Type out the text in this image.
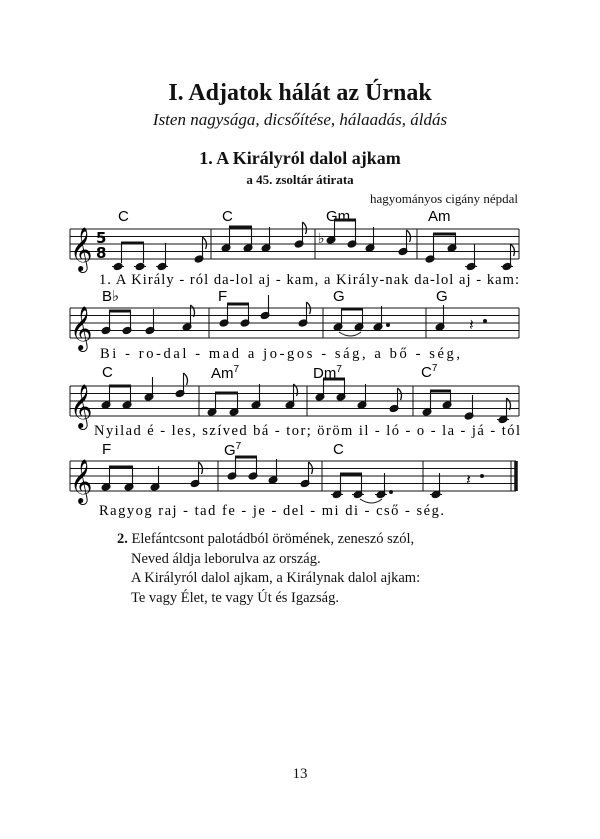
I. Adjatok hálát az Úrnak
Isten nagysága, dicsőítése, hálaadás, áldás
1. A Királyról dalol ajkam
a 45. zsoltár átirata
hagyományos cigány népdal
C	C	Gm	Am
𝄞 5
8
♭
1. A Király - ról da-lol aj - kam, a Király-nak da-lol aj - kam:
B♭	F	G	G
𝄞	𝄽
Bi - ro-dal - mad a jo-gos - ság, a bő - ség,
C	Am$^7$	Dm$^7$	$C^7$
𝄞
Nyilad é - les, szíved bá - tor; öröm il - ló - o - la - já - tól
F	$G^7$	C
𝄞	𝄽
Ragyog raj - tad fe - je - del - mi di - cső - ség.
2. Elefántcsont palotádból örömének, zeneszó szól,
Neved áldja leborulva az ország.
A Királyról dalol ajkam, a Királynak dalol ajkam:
Te vagy Élet, te vagy Út és Igazság.
13
